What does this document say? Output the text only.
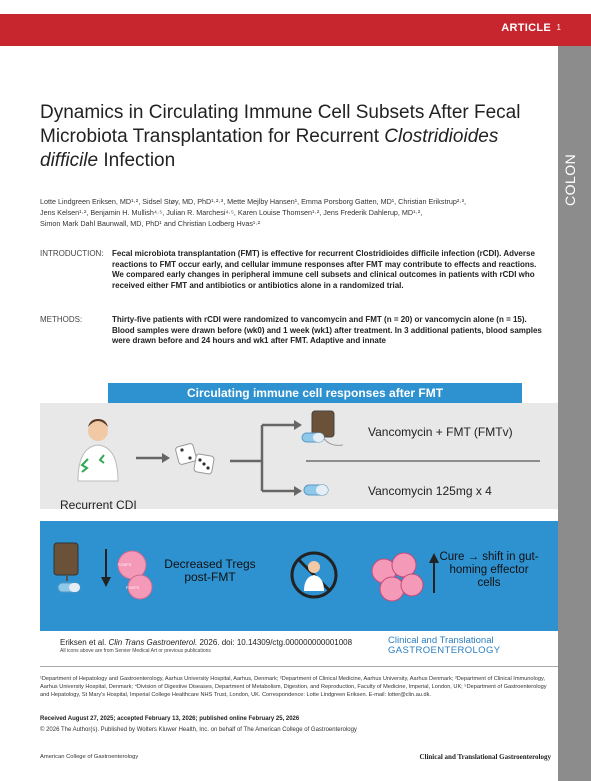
ARTICLE 1
COLON
Dynamics in Circulating Immune Cell Subsets After Fecal
Microbiota Transplantation for Recurrent Clostridioides
difficile Infection
Lotte Lindgreen Eriksen, MD¹·², Sidsel Støy, MD, PhD¹·²·³, Mette Mejlby Hansen¹, Emma Porsborg Gatten, MD¹, Christian Erikstrup²·³,
Jens Kelsen¹·², Benjamin H. Mullish⁴·⁵, Julian R. Marchesi⁴·⁵, Karen Louise Thomsen¹·², Jens Frederik Dahlerup, MD¹·²,
Simon Mark Dahl Baunwall, MD, PhD¹ and Christian Lodberg Hvas¹·²
INTRODUCTION: Fecal microbiota transplantation (FMT) is effective for recurrent Clostridioides difficile infection (rCDI). Adverse reactions to FMT occur early, and cellular immune responses after FMT may contribute to effects and reactions. We compared early changes in peripheral immune cell subsets and clinical outcomes in patients with rCDI who received either FMT and antibiotics or antibiotics alone in a randomized trial.
METHODS:	Thirty-five patients with rCDI were randomized to vancomycin and FMT (n = 20) or vancomycin alone (n = 15). Blood samples were drawn before (wk0) and 1 week (wk1) after treatment. In 3 additional patients, blood samples were drawn before and 24 hours and wk1 after FMT. Adaptive and innate
Circulating immune cell responses after FMT
Vancomycin + FMT (FMTv)
Vancomycin 125mg x 4
Recurrent CDI
FOXP3
FOXP3
Decreased Tregs post-FMT
Cure → shift in gut-homing effector cells
Eriksen et al. Clin Trans Gastroenterol. 2026. doi: 10.14309/ctg.000000000001008
All icons above are from Servier Medical Art or previous publications
Clinical and Translational
GASTROENTEROLOGY
¹Department of Hepatology and Gastroenterology, Aarhus University Hospital, Aarhus, Denmark; ²Department of Clinical Medicine, Aarhus University, Aarhus Denmark; ³Department of Clinical Immunology, Aarhus University Hospital, Denmark; ⁴Division of Digestive Diseases, Department of Metabolism, Digestion, and Reproduction, Faculty of Medicine, Imperial, London, UK; ⁵Department of Gastroenterology and Hepatology, St Mary's Hospital, Imperial College Healthcare NHS Trust, London, UK. Correspondence: Lotte Lindgreen Eriksen. E-mail: lotter@clin.au.dk.
Received August 27, 2025; accepted February 13, 2026; published online February 25, 2026
© 2026 The Author(s). Published by Wolters Kluwer Health, Inc. on behalf of The American College of Gastroenterology
American College of Gastroenterology	Clinical and Translational Gastroenterology
